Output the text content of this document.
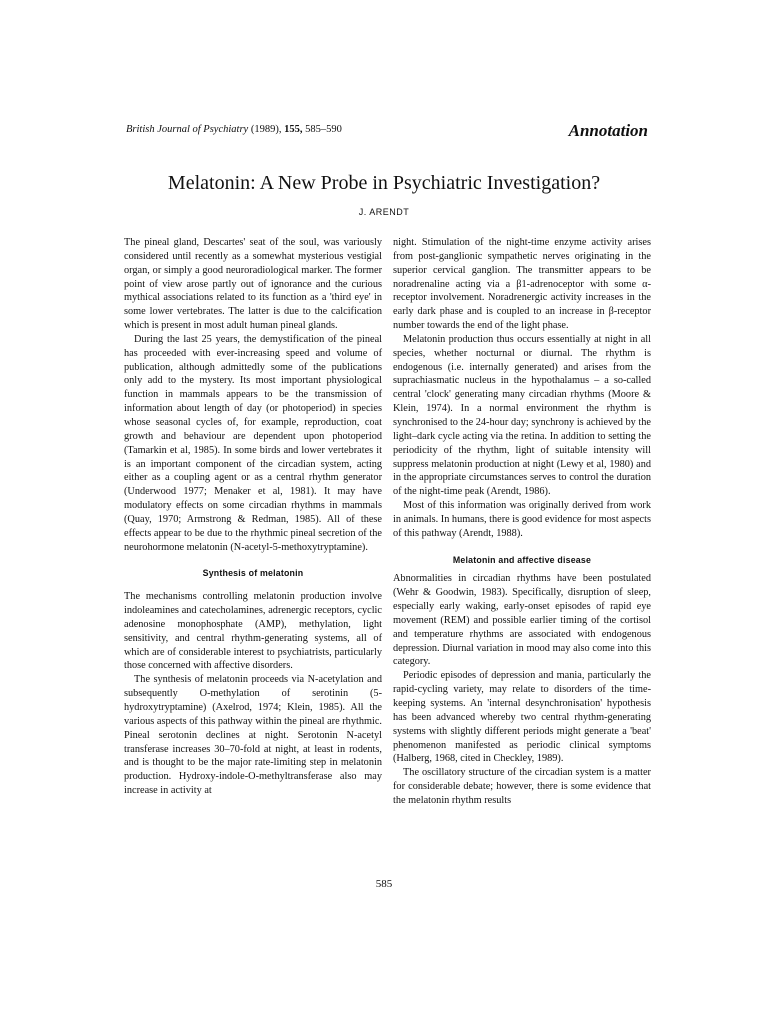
British Journal of Psychiatry (1989), 155, 585–590	Annotation
Melatonin: A New Probe in Psychiatric Investigation?
J. ARENDT

The pineal gland, Descartes' seat of the soul, was variously considered until recently as a somewhat mysterious vestigial organ, or simply a good neuroradiological marker. The former point of view arose partly out of ignorance and the curious mythical associations related to its function as a 'third eye' in some lower vertebrates. The latter is due to the calcification which is present in most adult human pineal glands.

During the last 25 years, the demystification of the pineal has proceeded with ever-increasing speed and volume of publication, although admittedly some of the publications only add to the mystery. Its most important physiological function in mammals appears to be the transmission of information about length of day (or photoperiod) in species whose seasonal cycles of, for example, reproduction, coat growth and behaviour are dependent upon photoperiod (Tamarkin et al, 1985). In some birds and lower vertebrates it is an important component of the circadian system, acting either as a coupling agent or as a central rhythm generator (Underwood 1977; Menaker et al, 1981). It may have modulatory effects on some circadian rhythms in mammals (Quay, 1970; Armstrong & Redman, 1985). All of these effects appear to be due to the rhythmic pineal secretion of the neurohormone melatonin (N-acetyl-5-methoxytryptamine).

Synthesis of melatonin

The mechanisms controlling melatonin production involve indoleamines and catecholamines, adrenergic receptors, cyclic adenosine monophosphate (AMP), methylation, light sensitivity, and central rhythm-generating systems, all of which are of considerable interest to psychiatrists, particularly those concerned with affective disorders.

The synthesis of melatonin proceeds via N-acetylation and subsequently O-methylation of serotinin (5-hydroxytryptamine) (Axelrod, 1974; Klein, 1985). All the various aspects of this pathway within the pineal are rhythmic. Pineal serotonin declines at night. Serotonin N-acetyl transferase increases 30–70-fold at night, at least in rodents, and is thought to be the major rate-limiting step in melatonin production. Hydroxy-indole-O-methyltransferase also may increase in activity at

night. Stimulation of the night-time enzyme activity arises from post-ganglionic sympathetic nerves originating in the superior cervical ganglion. The transmitter appears to be noradrenaline acting via a β1-adrenoceptor with some α-receptor involvement. Noradrenergic activity increases in the early dark phase and is coupled to an increase in β-receptor number towards the end of the light phase.

Melatonin production thus occurs essentially at night in all species, whether nocturnal or diurnal. The rhythm is endogenous (i.e. internally generated) and arises from the suprachiasmatic nucleus in the hypothalamus – a so-called central 'clock' generating many circadian rhythms (Moore & Klein, 1974). In a normal environment the rhythm is synchronised to the 24-hour day; synchrony is achieved by the light–dark cycle acting via the retina. In addition to setting the periodicity of the rhythm, light of suitable intensity will suppress melatonin production at night (Lewy et al, 1980) and in the appropriate circumstances serves to control the duration of the night-time peak (Arendt, 1986).

Most of this information was originally derived from work in animals. In humans, there is good evidence for most aspects of this pathway (Arendt, 1988).

Melatonin and affective disease

Abnormalities in circadian rhythms have been postulated (Wehr & Goodwin, 1983). Specifically, disruption of sleep, especially early waking, early-onset episodes of rapid eye movement (REM) and possible earlier timing of the cortisol and temperature rhythms are associated with endogenous depression. Diurnal variation in mood may also come into this category.

Periodic episodes of depression and mania, particularly the rapid-cycling variety, may relate to disorders of the time-keeping systems. An 'internal desynchronisation' hypothesis has been advanced whereby two central rhythm-generating systems with slightly different periods might generate a 'beat' phenomenon manifested as periodic clinical symptoms (Halberg, 1968, cited in Checkley, 1989).

The oscillatory structure of the circadian system is a matter for considerable debate; however, there is some evidence that the melatonin rhythm results

585
